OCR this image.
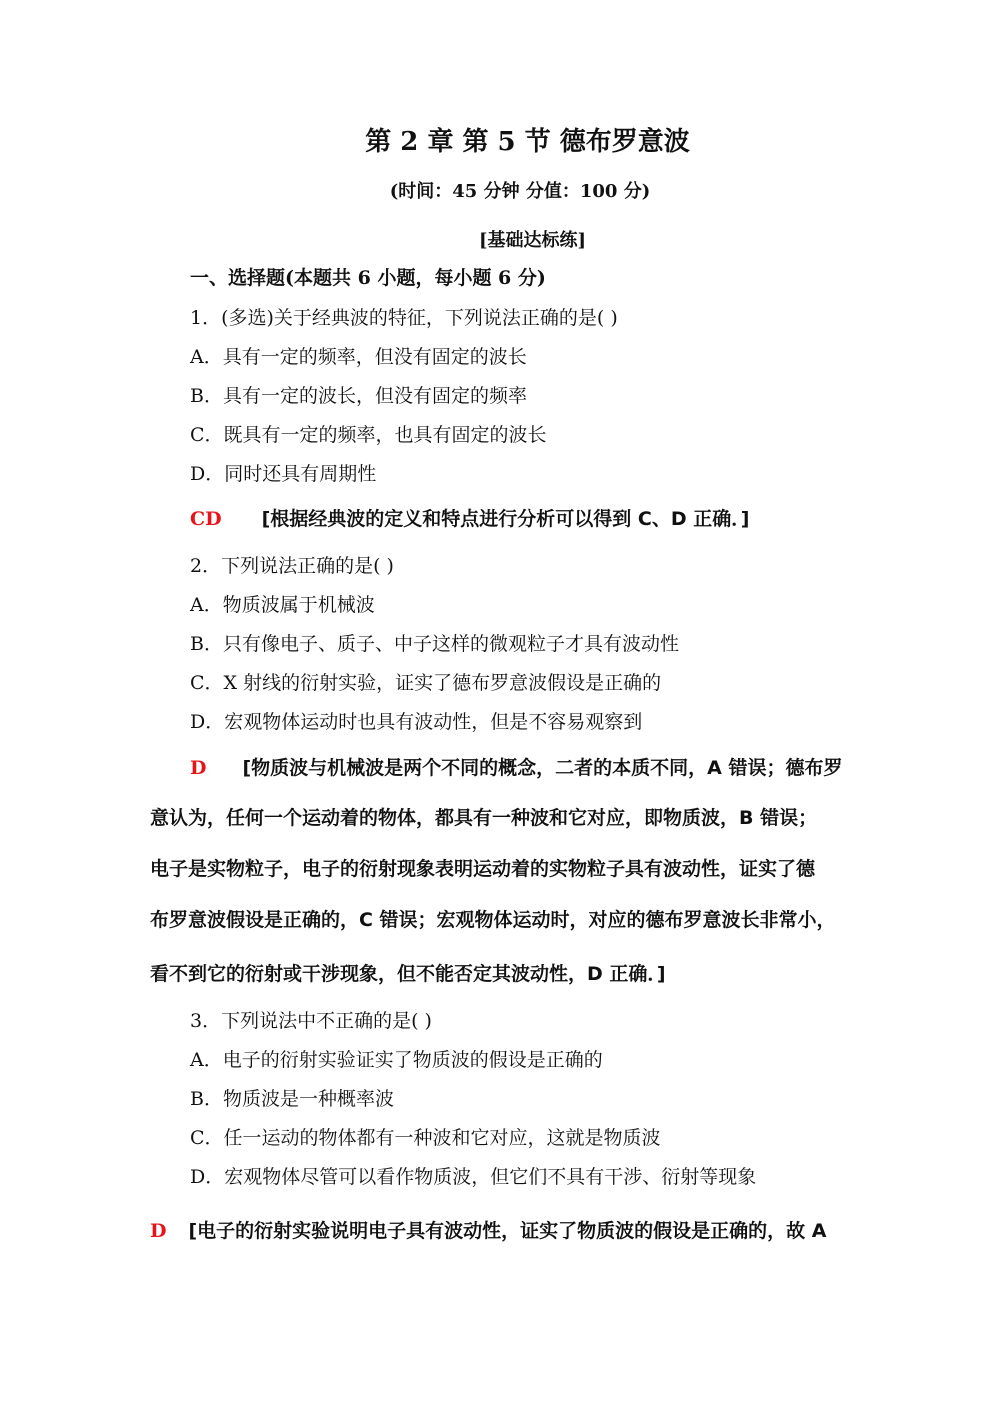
第 2 章 第 5 节 德布罗意波
(时间：45 分钟 分值：100 分)
[基础达标练]
一、选择题(本题共 6 小题，每小题 6 分)
1．(多选)关于经典波的特征，下列说法正确的是( )
A．具有一定的频率，但没有固定的波长
B．具有一定的波长，但没有固定的频率
C．既具有一定的频率，也具有固定的波长
D．同时还具有周期性
CD [根据经典波的定义和特点进行分析可以得到 C、D 正确．]
2．下列说法正确的是( )
A．物质波属于机械波
B．只有像电子、质子、中子这样的微观粒子才具有波动性
C．X 射线的衍射实验，证实了德布罗意波假设是正确的
D．宏观物体运动时也具有波动性，但是不容易观察到
D [物质波与机械波是两个不同的概念，二者的本质不同，A 错误；德布罗
意认为，任何一个运动着的物体，都具有一种波和它对应，即物质波，B 错误；
电子是实物粒子，电子的衍射现象表明运动着的实物粒子具有波动性，证实了德
布罗意波假设是正确的，C 错误；宏观物体运动时，对应的德布罗意波长非常小，
看不到它的衍射或干涉现象，但不能否定其波动性，D 正确．]
3．下列说法中不正确的是( )
A．电子的衍射实验证实了物质波的假设是正确的
B．物质波是一种概率波
C．任一运动的物体都有一种波和它对应，这就是物质波
D．宏观物体尽管可以看作物质波，但它们不具有干涉、衍射等现象
D [电子的衍射实验说明电子具有波动性，证实了物质波的假设是正确的，故 A
